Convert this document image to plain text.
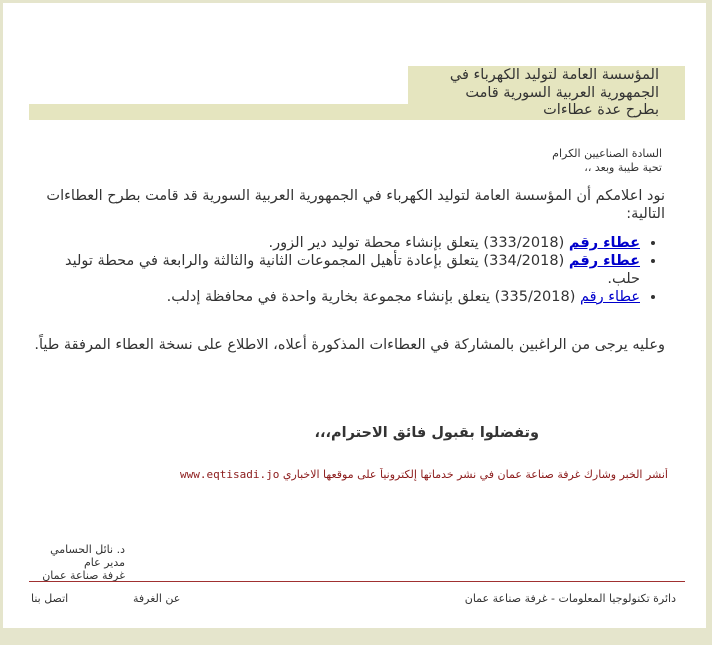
المؤسسة العامة لتوليد الكهرباء في
الجمهورية العربية السورية قامت
بطرح عدة عطاءات
السادة الصناعيين الكرام
تحية طيبة وبعد ،،
نود اعلامكم أن المؤسسة العامة لتوليد الكهرباء في الجمهورية العربية السورية قد قامت بطرح العطاءات التالية:
• عطاء رقم (333/2018) يتعلق بإنشاء محطة توليد دير الزور.
• عطاء رقم (334/2018) يتعلق بإعادة تأهيل المجموعات الثانية والثالثة والرابعة في محطة توليد حلب.
• عطاء رقم (335/2018) يتعلق بإنشاء مجموعة بخارية واحدة في محافظة إدلب.
وعليه يرجى من الراغبين بالمشاركة في العطاءات المذكورة أعلاه، الاطلاع على نسخة العطاء المرفقة طياً.
وتفضلوا بقبول فائق الاحترام،،،
أنشر الخبر وشارك غرفة صناعة عمان في نشر خدماتها إلكترونياً على موقعها الاخباري www.eqtisadi.jo
د. نائل الحسامي
مدير عام
غرفة صناعة عمان
دائرة تكنولوجيا المعلومات - غرفة صناعة عمان
عن الغرفة
اتصل بنا
